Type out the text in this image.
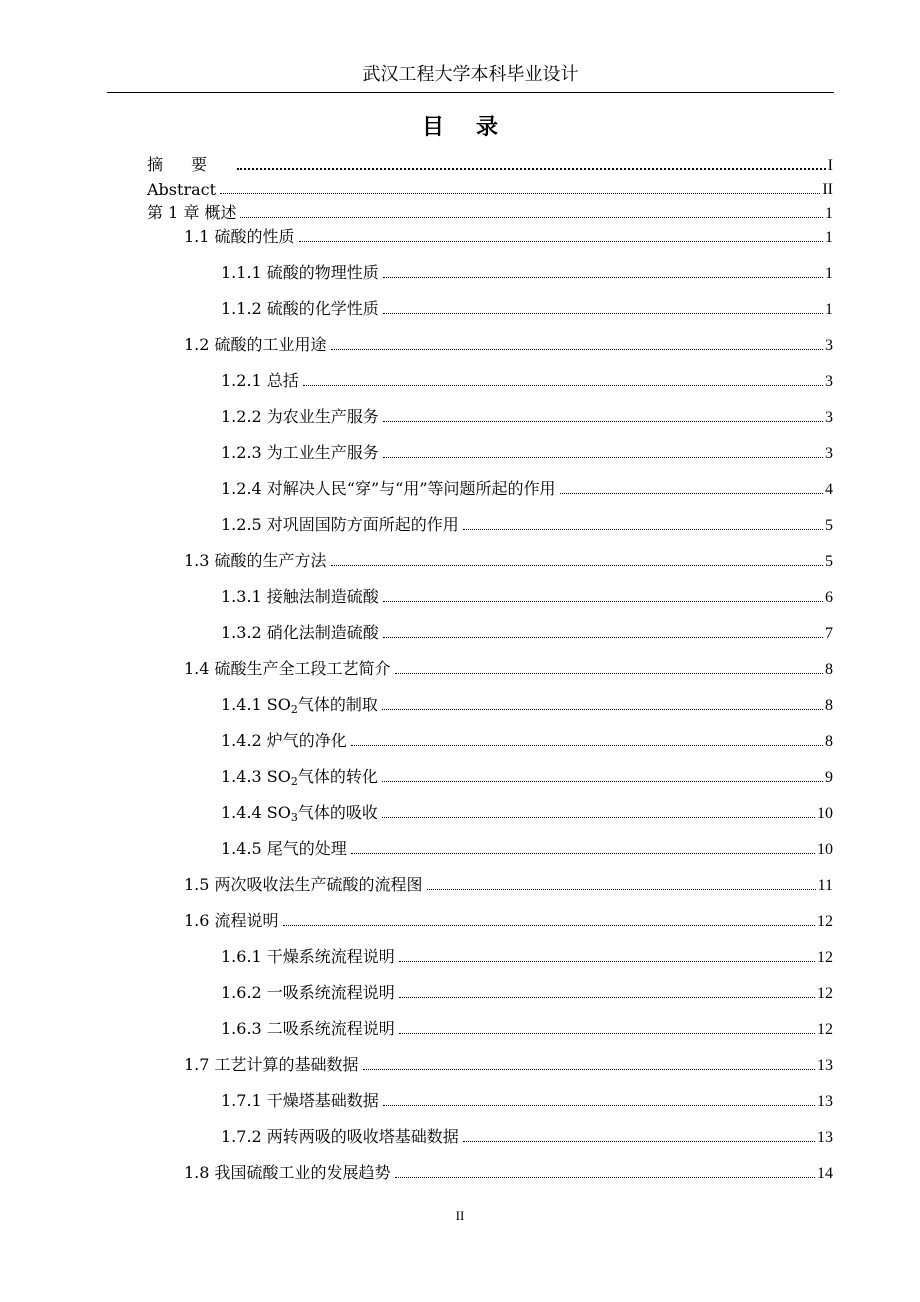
武汉工程大学本科毕业设计
目录
摘要	I
Abstract	II
第 1 章 概述	1
1.1 硫酸的性质	1
1.1.1 硫酸的物理性质	1
1.1.2 硫酸的化学性质	1
1.2 硫酸的工业用途	3
1.2.1 总括	3
1.2.2 为农业生产服务	3
1.2.3 为工业生产服务	3
1.2.4 对解决人民“穿”与“用”等问题所起的作用	4
1.2.5 对巩固国防方面所起的作用	5
1.3 硫酸的生产方法	5
1.3.1 接触法制造硫酸	6
1.3.2 硝化法制造硫酸	7
1.4 硫酸生产全工段工艺简介	8
1.4.1 $SO_2$气体的制取	8
1.4.2 炉气的净化	8
1.4.3 $SO_2$气体的转化	9
1.4.4 $SO_3$气体的吸收	10
1.4.5 尾气的处理	10
1.5 两次吸收法生产硫酸的流程图	11
1.6 流程说明	12
1.6.1 干燥系统流程说明	12
1.6.2 一吸系统流程说明	12
1.6.3 二吸系统流程说明	12
1.7 工艺计算的基础数据	13
1.7.1 干燥塔基础数据	13
1.7.2 两转两吸的吸收塔基础数据	13
1.8 我国硫酸工业的发展趋势	14
II
